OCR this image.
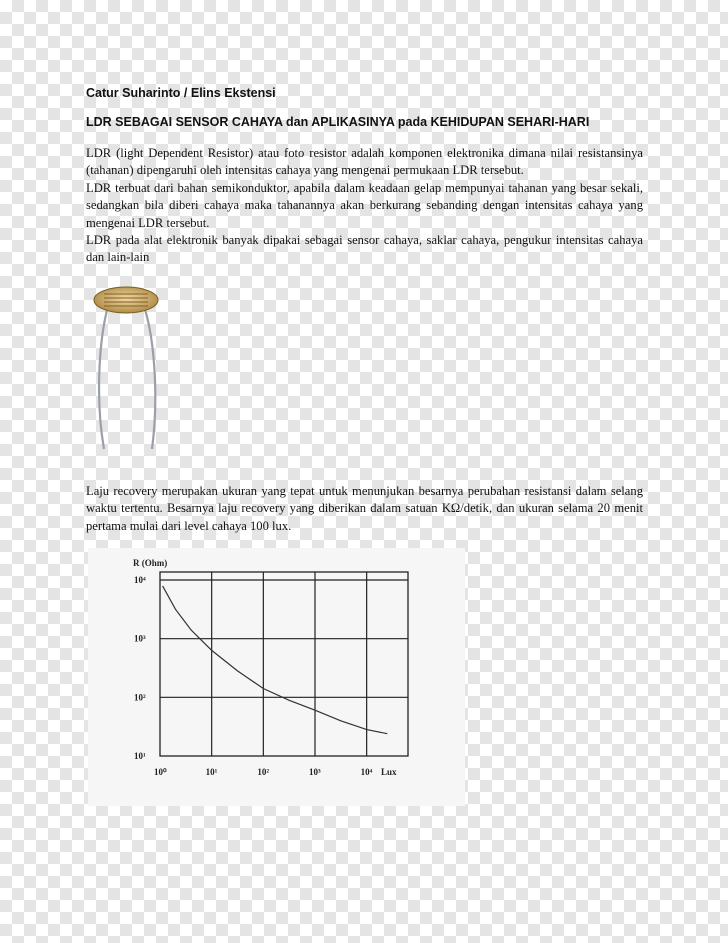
Catur Suharinto / Elins Ekstensi
LDR SEBAGAI SENSOR CAHAYA dan APLIKASINYA pada KEHIDUPAN SEHARI-HARI
LDR (light Dependent Resistor) atau foto resistor adalah komponen elektronika dimana nilai resistansinya (tahanan) dipengaruhi oleh intensitas cahaya yang mengenai permukaan LDR tersebut.
LDR terbuat dari bahan semikonduktor, apabila dalam keadaan gelap mempunyai tahanan yang besar sekali, sedangkan bila diberi cahaya maka tahanannya akan berkurang sebanding dengan intensitas cahaya yang mengenai LDR tersebut.
LDR pada alat elektronik banyak dipakai sebagai sensor cahaya, saklar cahaya, pengukur intensitas cahaya dan lain-lain
Laju recovery merupakan ukuran yang tepat untuk menunjukan besarnya perubahan resistansi dalam selang waktu tertentu. Besarnya laju recovery yang diberikan dalam satuan KΩ/detik, dan ukuran selama 20 menit pertama mulai dari level cahaya 100 lux.
R (Ohm)
10⁴
10³
10²
10¹
10⁰	10¹	10²	10³	10⁴ Lux
